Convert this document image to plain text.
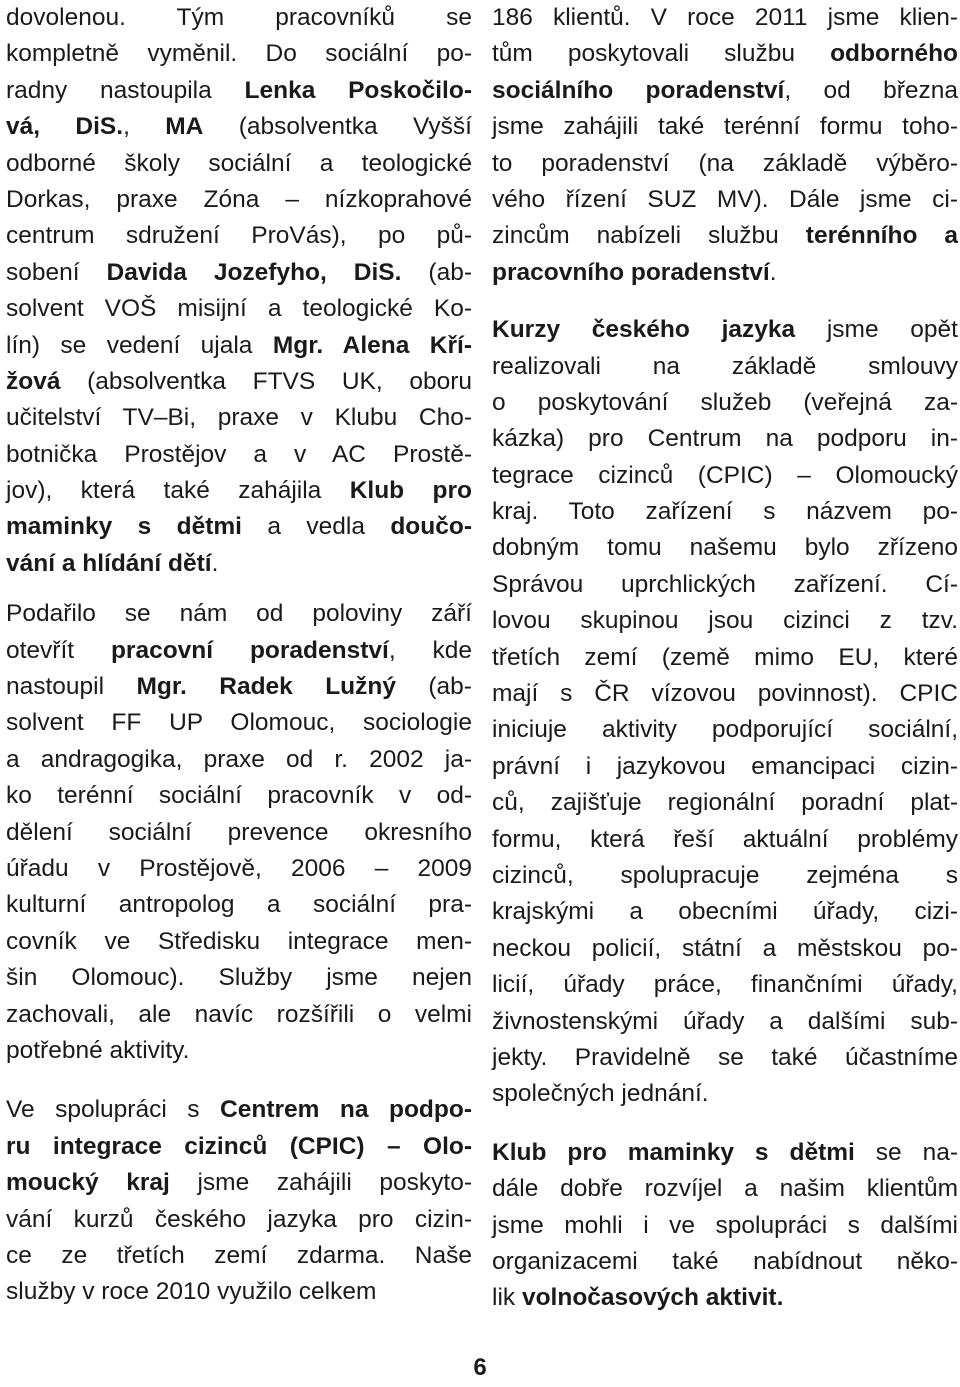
dovolenou. Tým pracovníků se
kompletně vyměnil. Do sociální po-
radny nastoupila Lenka Poskočilo-
vá, DiS., MA (absolventka Vyšší
odborné školy sociální a teologické
Dorkas, praxe Zóna – nízkoprahové
centrum sdružení ProVás), po pů-
sobení Davida Jozefyho, DiS. (ab-
solvent VOŠ misijní a teologické Ko-
lín) se vedení ujala Mgr. Alena Kří-
žová (absolventka FTVS UK, oboru
učitelství TV–Bi, praxe v Klubu Cho-
botnička Prostějov a v AC Prostě-
jov), která také zahájila Klub pro
maminky s dětmi a vedla doučo-
vání a hlídání dětí.
Podařilo se nám od poloviny září
otevřít pracovní poradenství, kde
nastoupil Mgr. Radek Lužný (ab-
solvent FF UP Olomouc, sociologie
a andragogika, praxe od r. 2002 ja-
ko terénní sociální pracovník v od-
dělení sociální prevence okresního
úřadu v Prostějově, 2006 – 2009
kulturní antropolog a sociální pra-
covník ve Středisku integrace men-
šin Olomouc). Služby jsme nejen
zachovali, ale navíc rozšířili o velmi
potřebné aktivity.
Ve spolupráci s Centrem na podpo-
ru integrace cizinců (CPIC) – Olo-
moucký kraj jsme zahájili poskyto-
vání kurzů českého jazyka pro cizin-
ce ze třetích zemí zdarma. Naše
služby v roce 2010 využilo celkem
186 klientů. V roce 2011 jsme klien-
tům poskytovali službu odborného
sociálního poradenství, od března
jsme zahájili také terénní formu toho-
to poradenství (na základě výběro-
vého řízení SUZ MV). Dále jsme ci-
zincům nabízeli službu terénního a
pracovního poradenství.
Kurzy českého jazyka jsme opět
realizovali na základě smlouvy
o poskytování služeb (veřejná za-
kázka) pro Centrum na podporu in-
tegrace cizinců (CPIC) – Olomoucký
kraj. Toto zařízení s názvem po-
dobným tomu našemu bylo zřízeno
Správou uprchlických zařízení. Cí-
lovou skupinou jsou cizinci z tzv.
třetích zemí (země mimo EU, které
mají s ČR vízovou povinnost). CPIC
iniciuje aktivity podporující sociální,
právní i jazykovou emancipaci cizin-
ců, zajišťuje regionální poradní plat-
formu, která řeší aktuální problémy
cizinců, spolupracuje zejména s
krajskými a obecními úřady, cizi-
neckou policií, státní a městskou po-
licií, úřady práce, finančními úřady,
živnostenskými úřady a dalšími sub-
jekty. Pravidelně se také účastníme
společných jednání.
Klub pro maminky s dětmi se na-
dále dobře rozvíjel a našim klientům
jsme mohli i ve spolupráci s dalšími
organizacemi také nabídnout něko-
lik volnočasových aktivit.
6
